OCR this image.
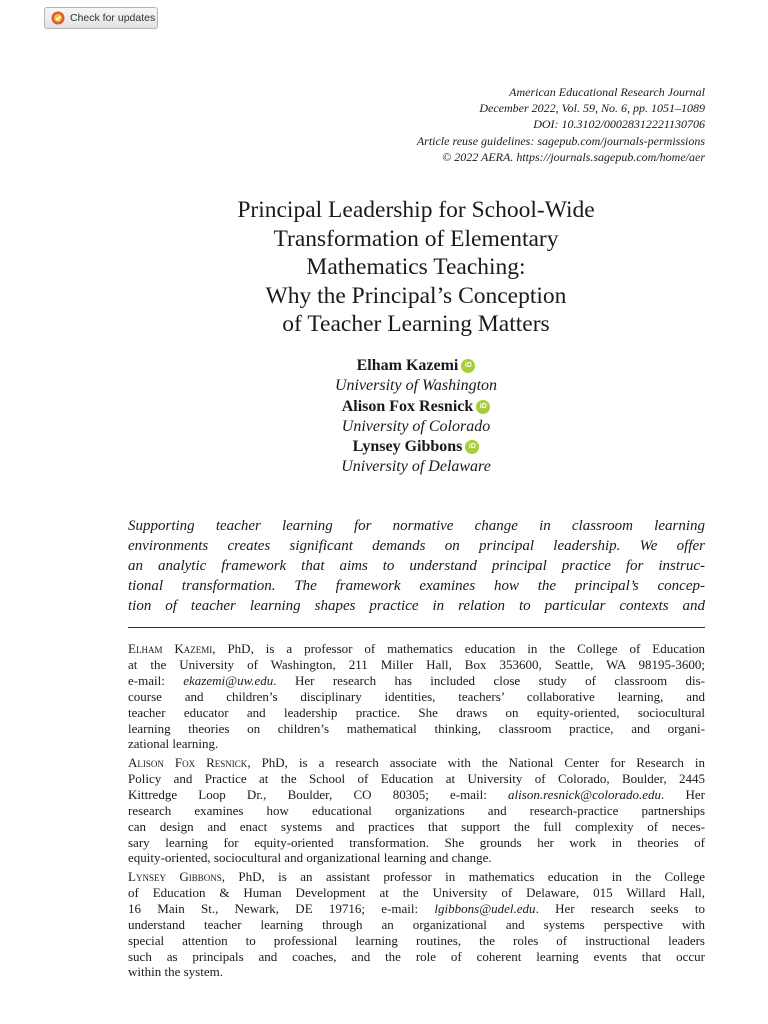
Check for updates
American Educational Research Journal
December 2022, Vol. 59, No. 6, pp. 1051–1089
DOI: 10.3102/00028312221130706
Article reuse guidelines: sagepub.com/journals-permissions
© 2022 AERA. https://journals.sagepub.com/home/aer
Principal Leadership for School-Wide
Transformation of Elementary
Mathematics Teaching:
Why the Principal’s Conception
of Teacher Learning Matters
Elham Kazemi iD
University of Washington
Alison Fox Resnick iD
University of Colorado
Lynsey Gibbons iD
University of Delaware
Supporting teacher learning for normative change in classroom learning
environments creates significant demands on principal leadership. We offer
an analytic framework that aims to understand principal practice for instruc-
tional transformation. The framework examines how the principal’s concep-
tion of teacher learning shapes practice in relation to particular contexts and
Elham Kazemi, PhD, is a professor of mathematics education in the College of Education
at the University of Washington, 211 Miller Hall, Box 353600, Seattle, WA 98195-3600;
e-mail: ekazemi@uw.edu. Her research has included close study of classroom dis-
course and children’s disciplinary identities, teachers’ collaborative learning, and
teacher educator and leadership practice. She draws on equity-oriented, sociocultural
learning theories on children’s mathematical thinking, classroom practice, and organi-
zational learning.
Alison Fox Resnick, PhD, is a research associate with the National Center for Research in
Policy and Practice at the School of Education at University of Colorado, Boulder, 2445
Kittredge Loop Dr., Boulder, CO 80305; e-mail: alison.resnick@colorado.edu. Her
research examines how educational organizations and research-practice partnerships
can design and enact systems and practices that support the full complexity of neces-
sary learning for equity-oriented transformation. She grounds her work in theories of
equity-oriented, sociocultural and organizational learning and change.
Lynsey Gibbons, PhD, is an assistant professor in mathematics education in the College
of Education & Human Development at the University of Delaware, 015 Willard Hall,
16 Main St., Newark, DE 19716; e-mail: lgibbons@udel.edu. Her research seeks to
understand teacher learning through an organizational and systems perspective with
special attention to professional learning routines, the roles of instructional leaders
such as principals and coaches, and the role of coherent learning events that occur
within the system.
